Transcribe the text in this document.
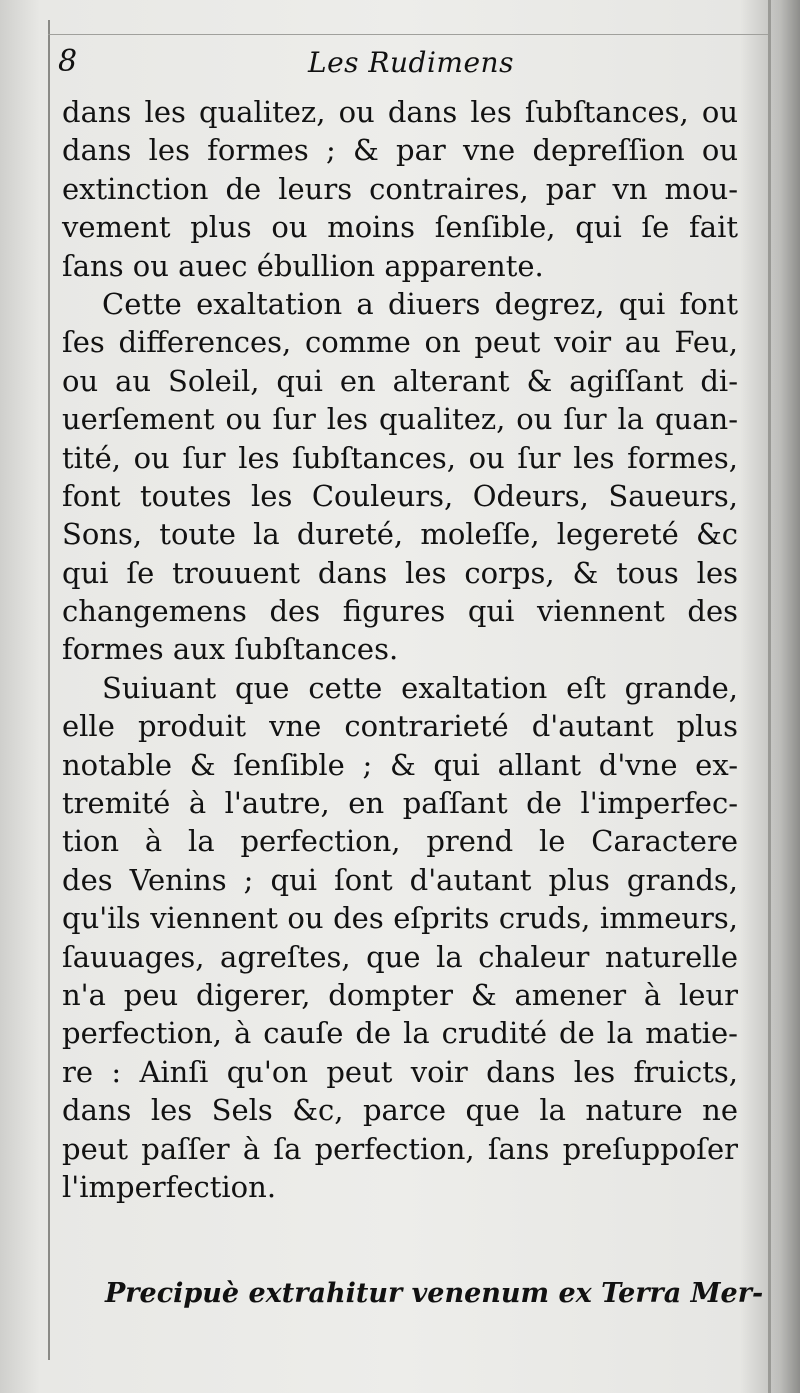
8	Les Rudimens
dans les qualitez, ou dans les ſubſtances, ou
dans les formes ; & par vne depreſſion ou
extinction de leurs contraires, par vn mou-
vement plus ou moins ſenſible, qui ſe fait
ſans ou auec ébullion apparente.
Cette exaltation a diuers degrez, qui font
ſes differences, comme on peut voir au Feu,
ou au Soleil, qui en alterant & agiſſant di-
uerſement ou ſur les qualitez, ou ſur la quan-
tité, ou ſur les ſubſtances, ou ſur les formes,
font toutes les Couleurs, Odeurs, Saueurs,
Sons, toute la dureté, moleſſe, legereté &c
qui ſe trouuent dans les corps, & tous les
changemens des figures qui viennent des
formes aux ſubſtances.
Suiuant que cette exaltation eſt grande,
elle produit vne contrarieté d'autant plus
notable & ſenſible ; & qui allant d'vne ex-
tremité à l'autre, en paſſant de l'imperfec-
tion à la perfection, prend le Caractere
des Venins ; qui ſont d'autant plus grands,
qu'ils viennent ou des eſprits cruds, immeurs,
ſauuages, agreſtes, que la chaleur naturelle
n'a peu digerer, dompter & amener à leur
perfection, à cauſe de la crudité de la matie-
re : Ainſi qu'on peut voir dans les fruicts,
dans les Sels &c, parce que la nature ne
peut paſſer à ſa perfection, ſans preſuppoſer
l'imperfection.
Precipuè extrahitur venenum ex Terra Mer-
